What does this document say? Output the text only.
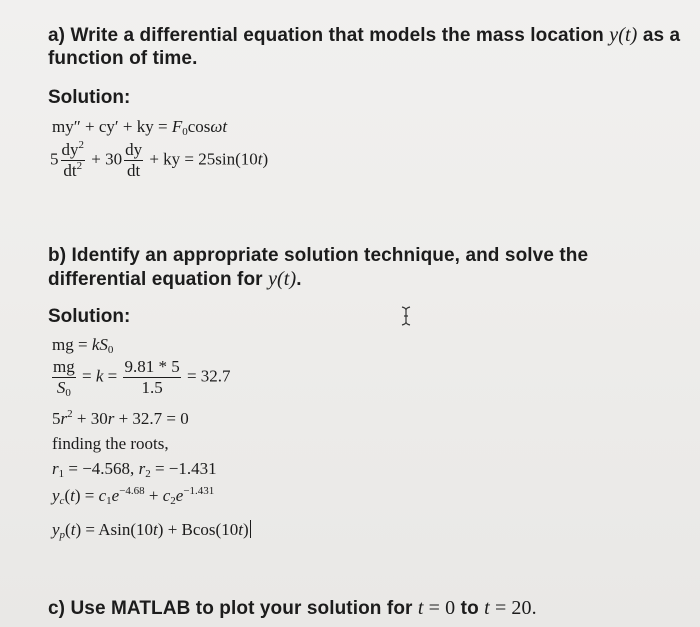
a) Write a differential equation that models the mass location y(t) as a
function of time.
Solution:
my″ + cy′ + ky = $F_0\cos\omega t$
$5 \frac{dy^2}{dt^2} + 30 \frac{dy}{dt}$ + ky = 25sin(10t)
b) Identify an appropriate solution technique, and solve the
differential equation for y(t).
Solution:
mg = $kS_0$
$\frac{mg}{S_0} = k = \frac{9.81 * 5}{1.5} = 32.7$
$5r^2 + 30r + 32.7 = 0$
finding the roots,
$r_1 = -4.568$, $r_2 = -1.431$
$y_c(t) = c_1e^{-4.68} + c_2e^{-1.431}$
$y_p(t) = Asin(10t) + Bcos(10t)$
c) Use MATLAB to plot your solution for t = 0 to t = 20.
